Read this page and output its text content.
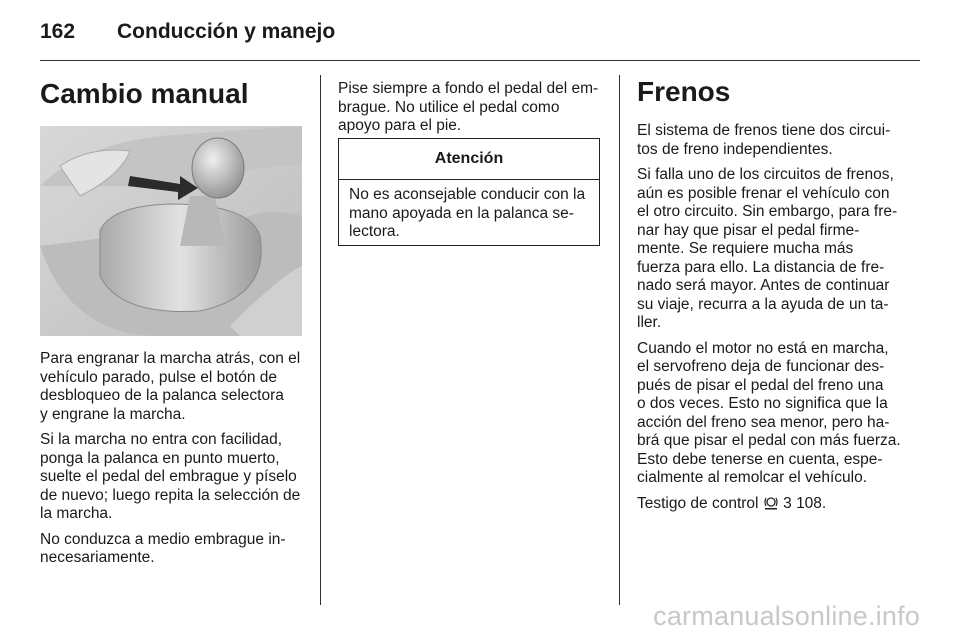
162 Conducción y manejo
Cambio manual

Para engranar la marcha atrás, con el
vehículo parado, pulse el botón de
desbloqueo de la palanca selectora
y engrane la marcha.

Si la marcha no entra con facilidad,
ponga la palanca en punto muerto,
suelte el pedal del embrague y píselo
de nuevo; luego repita la selección de
la marcha.

No conduzca a medio embrague in-
necesariamente.

Pise siempre a fondo el pedal del em-
brague. No utilice el pedal como
apoyo para el pie.

Atención
No es aconsejable conducir con la
mano apoyada en la palanca se-
lectora.
Frenos

El sistema de frenos tiene dos circui-
tos de freno independientes.

Si falla uno de los circuitos de frenos,
aún es posible frenar el vehículo con
el otro circuito. Sin embargo, para fre-
nar hay que pisar el pedal firme-
mente. Se requiere mucha más
fuerza para ello. La distancia de fre-
nado será mayor. Antes de continuar
su viaje, recurra a la ayuda de un ta-
ller.

Cuando el motor no está en marcha,
el servofreno deja de funcionar des-
pués de pisar el pedal del freno una
o dos veces. Esto no significa que la
acción del freno sea menor, pero ha-
brá que pisar el pedal con más fuerza.
Esto debe tenerse en cuenta, espe-
cialmente al remolcar el vehículo.

Testigo de control 3 108.

carmanualsonline.info
